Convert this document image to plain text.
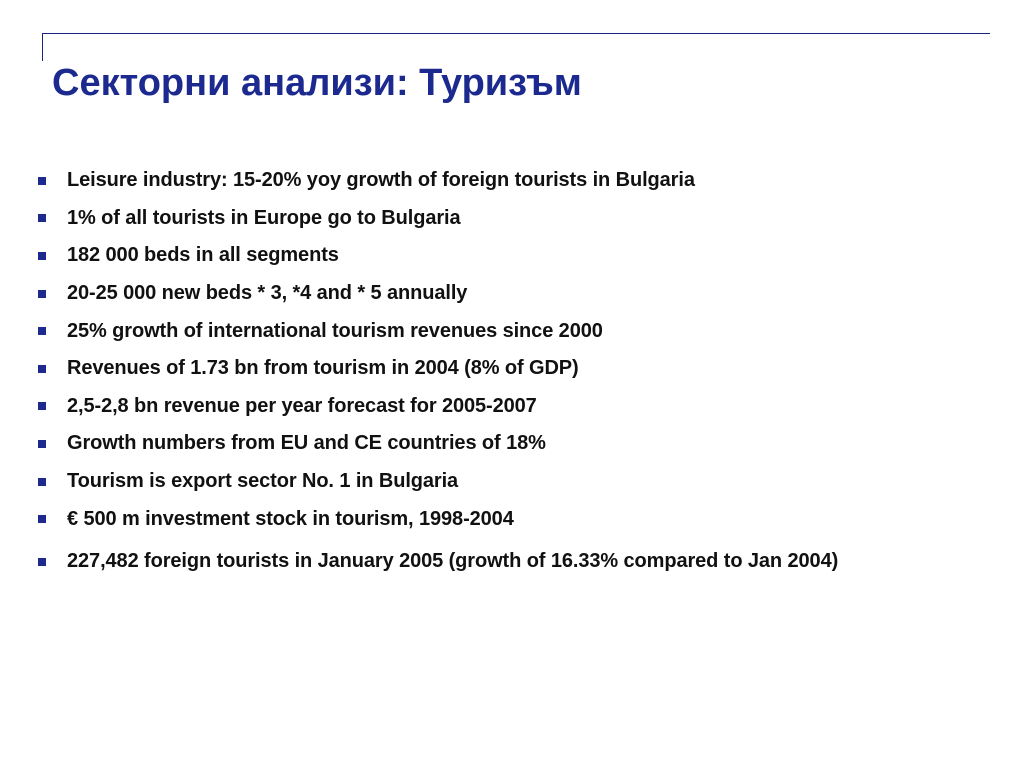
Секторни анализи: Туризъм
Leisure industry: 15-20% yoy growth of foreign tourists in Bulgaria
1% of all tourists in Europe go to Bulgaria
182 000 beds in all segments
20-25 000 new beds * 3, *4 and * 5 annually
25% growth of international tourism revenues since 2000
Revenues of 1.73 bn from tourism in 2004 (8% of GDP)
2,5-2,8 bn revenue per year forecast for 2005-2007
Growth numbers from EU and CE countries of 18%
Tourism is export sector No. 1 in Bulgaria
€ 500 m investment stock in tourism, 1998-2004
227,482 foreign tourists in January 2005 (growth of 16.33% compared to Jan 2004)
